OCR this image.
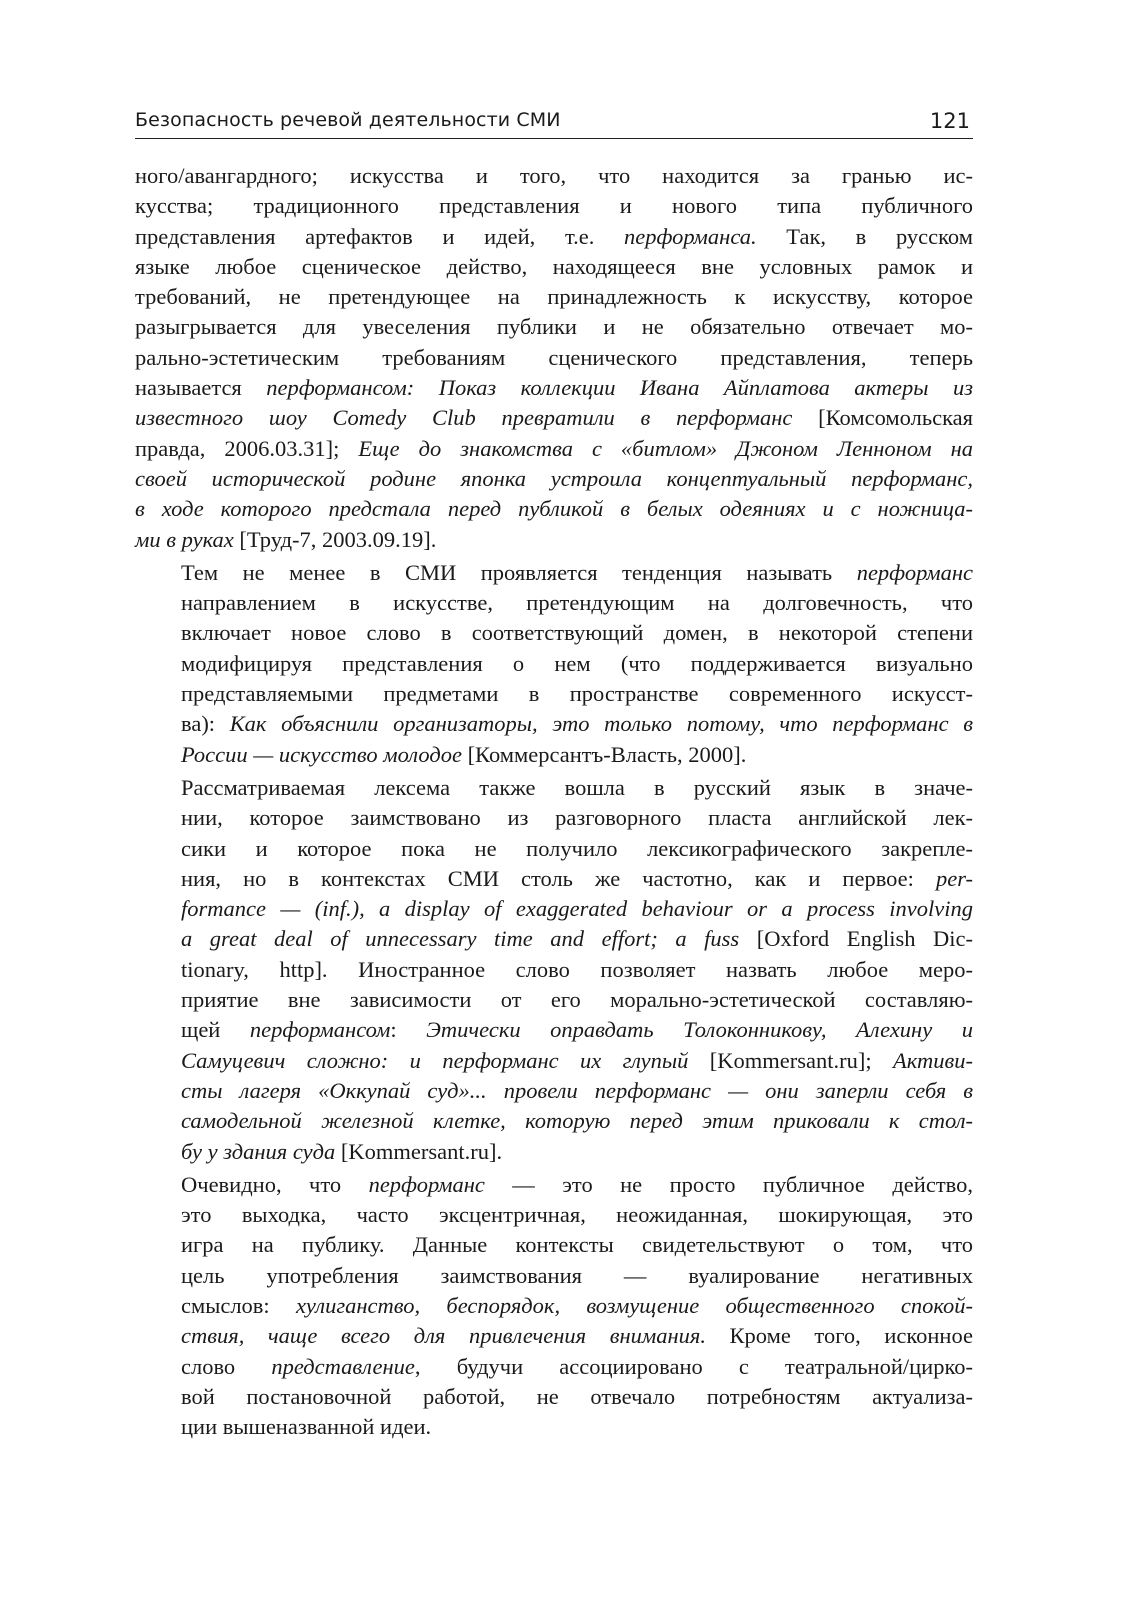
Безопасность речевой деятельности СМИ	121

ного/авангардного; искусства и того, что находится за гранью ис-
кусства; традиционного представления и нового типа публичного
представления артефактов и идей, т.е. перформанса. Так, в русском
языке любое сценическое действо, находящееся вне условных рамок и
требований, не претендующее на принадлежность к искусству, которое
разыгрывается для увеселения публики и не обязательно отвечает мо-
рально-эстетическим требованиям сценического представления, теперь
называется перформансом: Показ коллекции Ивана Айплатова актеры из
известного шоу Comedy Club превратили в перформанс [Комсомольская
правда, 2006.03.31]; Еще до знакомства с «битлом» Джоном Ленноном на
своей исторической родине японка устроила концептуальный перформанс,
в ходе которого предстала перед публикой в белых одеяниях и с ножница-
ми в руках [Труд-7, 2003.09.19].

Тем не менее в СМИ проявляется тенденция называть перформанс
направлением в искусстве, претендующим на долговечность, что
включает новое слово в соответствующий домен, в некоторой степени
модифицируя представления о нем (что поддерживается визуально
представляемыми предметами в пространстве современного искусст-
ва): Как объяснили организаторы, это только потому, что перформанс в
России — искусство молодое [Коммерсантъ-Власть, 2000].

Рассматриваемая лексема также вошла в русский язык в значе-
нии, которое заимствовано из разговорного пласта английской лек-
сики и которое пока не получило лексикографического закрепле-
ния, но в контекстах СМИ столь же частотно, как и первое: per-
formance — (inf.), a display of exaggerated behaviour or a process involving
a great deal of unnecessary time and effort; a fuss [Oxford English Dic-
tionary, http]. Иностранное слово позволяет назвать любое меро-
приятие вне зависимости от его морально-эстетической составляю-
щей перформансом: Этически оправдать Толоконникову, Алехину и
Самуцевич сложно: и перформанс их глупый [Kommersant.ru]; Активи-
сты лагеря «Оккупай суд»... провели перформанс — они заперли себя в
самодельной железной клетке, которую перед этим приковали к стол-
бу у здания суда [Kommersant.ru].

Очевидно, что перформанс — это не просто публичное действо,
это выходка, часто эксцентричная, неожиданная, шокирующая, это
игра на публику. Данные контексты свидетельствуют о том, что
цель употребления заимствования — вуалирование негативных
смыслов: хулиганство, беспорядок, возмущение общественного спокой-
ствия, чаще всего для привлечения внимания. Кроме того, исконное
слово представление, будучи ассоциировано с театральной/цирко-
вой постановочной работой, не отвечало потребностям актуализа-
ции вышеназванной идеи.
